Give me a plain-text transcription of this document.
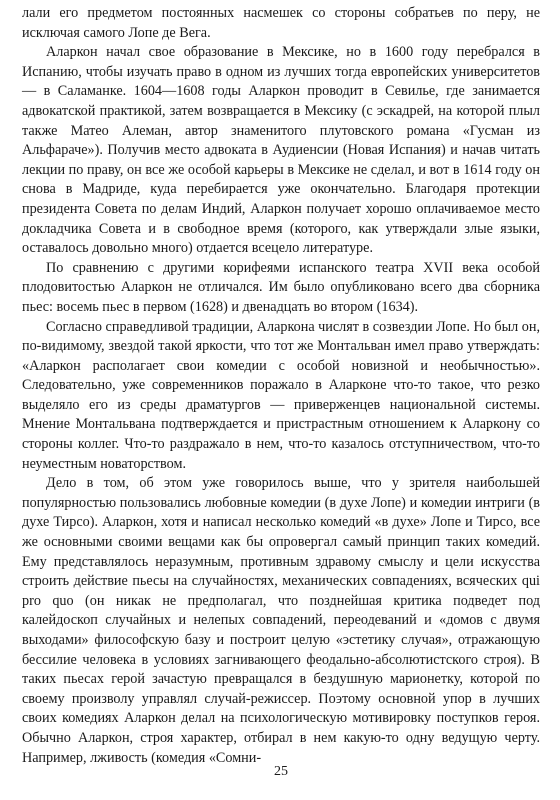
лали его предметом постоянных насмешек со стороны собратьев по перу, не исключая самого Лопе де Вега.

Аларкон начал свое образование в Мексике, но в 1600 году перебрался в Испанию, чтобы изучать право в одном из лучших тогда европейских университетов — в Саламанке. 1604—1608 годы Аларкон проводит в Севилье, где занимается адвокатской практикой, затем возвращается в Мексику (с эскадрей, на которой плыл также Матео Алеман, автор знаменитого плутовского романа «Гусман из Альфараче»). Получив место адвоката в Аудиенсии (Новая Испания) и начав читать лекции по праву, он все же особой карьеры в Мексике не сделал, и вот в 1614 году он снова в Мадриде, куда перебирается уже окончательно. Благодаря протекции президента Совета по делам Индий, Аларкон получает хорошо оплачиваемое место докладчика Совета и в свободное время (которого, как утверждали злые языки, оставалось довольно много) отдается всецело литературе.

По сравнению с другими корифеями испанского театра XVII века особой плодовитостью Аларкон не отличался. Им было опубликовано всего два сборника пьес: восемь пьес в первом (1628) и двенадцать во втором (1634).

Согласно справедливой традиции, Аларкона числят в созвездии Лопе. Но был он, по-видимому, звездой такой яркости, что тот же Монтальван имел право утверждать: «Аларкон располагает свои комедии с особой новизной и необычностью». Следовательно, уже современников поражало в Аларконе что-то такое, что резко выделяло его из среды драматургов — приверженцев национальной системы. Мнение Монтальвана подтверждается и пристрастным отношением к Аларкону со стороны коллег. Что-то раздражало в нем, что-то казалось отступничеством, что-то неуместным новаторством.

Дело в том, об этом уже говорилось выше, что у зрителя наибольшей популярностью пользовались любовные комедии (в духе Лопе) и комедии интриги (в духе Тирсо). Аларкон, хотя и написал несколько комедий «в духе» Лопе и Тирсо, все же основными своими вещами как бы опровергал самый принцип таких комедий. Ему представлялось неразумным, противным здравому смыслу и цели искусства строить действие пьесы на случайностях, механических совпадениях, всяческих qui pro quo (он никак не предполагал, что позднейшая критика подведет под калейдоскоп случайных и нелепых совпадений, переодеваний и «домов с двумя выходами» философскую базу и построит целую «эстетику случая», отражающую бесcилие человека в условиях загнивающего феодально-абсолютистского строя). В таких пьесах герой зачастую превращался в бездушную марионетку, которой по своему произволу управлял случай-режиссер. Поэтому основной упор в лучших своих комедиях Аларкон делал на психологическую мотивировку поступков героя. Обычно Аларкон, строя характер, отбирал в нем какую-то одну ведущую черту. Например, лживость (комедия «Сомни-

25
